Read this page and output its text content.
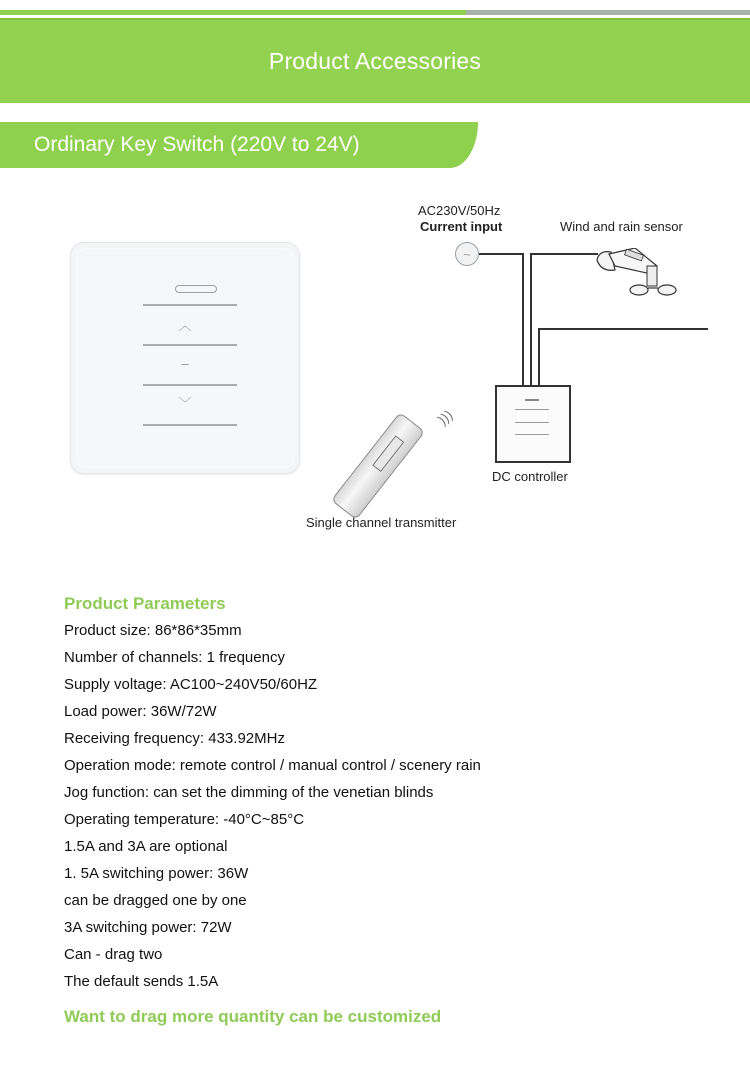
Product Accessories
Ordinary Key Switch (220V to 24V)
︿
–
﹀
AC230V/50Hz
Current input	Wind and rain sensor
~
DC controller
)))
Single channel transmitter
Product Parameters
Product size: 86*86*35mm
Number of channels: 1 frequency
Supply voltage: AC100~240V50/60HZ
Load power: 36W/72W
Receiving frequency: 433.92MHz
Operation mode: remote control / manual control / scenery rain
Jog function: can set the dimming of the venetian blinds
Operating temperature: -40°C~85°C
1.5A and 3A are optional
1. 5A switching power: 36W
can be dragged one by one
3A switching power: 72W
Can - drag two
The default sends 1.5A
Want to drag more quantity can be customized
